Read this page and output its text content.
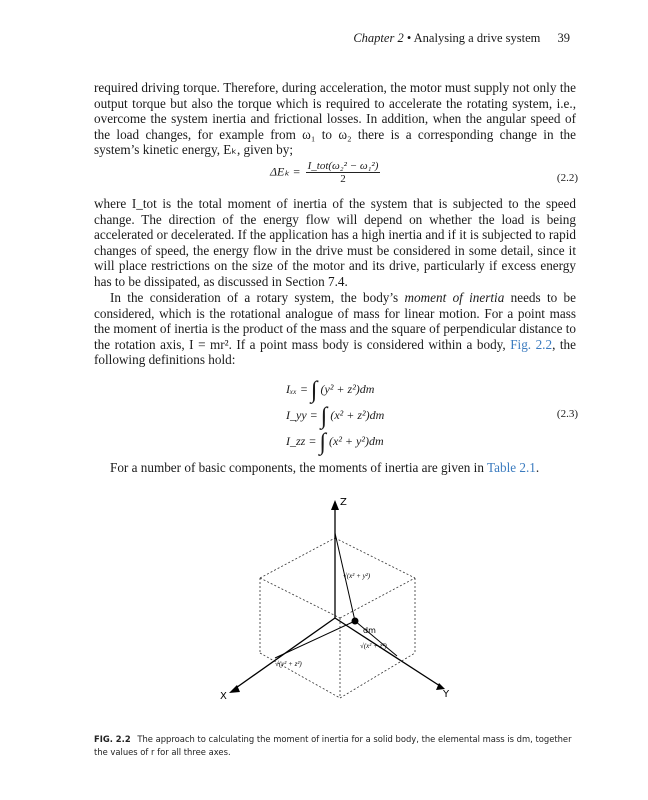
Chapter 2 • Analysing a drive system 39

required driving torque. Therefore, during acceleration, the motor must supply not only the output torque but also the torque which is required to accelerate the rotating system, i.e., overcome the system inertia and frictional losses. In addition, when the angular speed of the load changes, for example from ω₁ to ω₂ there is a corresponding change in the system’s kinetic energy, Eₖ, given by;

$\Delta E_k = \frac{\text{I\_tot(ω₂² − ω₁²)}}{2}$	(2.2)

where I_tot is the total moment of inertia of the system that is subjected to the speed change. The direction of the energy flow will depend on whether the load is being accelerated or decelerated. If the application has a high inertia and if it is subjected to rapid changes of speed, the energy flow in the drive must be considered in some detail, since it will place restrictions on the size of the motor and its drive, particularly if excess energy has to be dissipated, as discussed in Section 7.4.

In the consideration of a rotary system, the body’s moment of inertia needs to be considered, which is the rotational analogue of mass for linear motion. For a point mass the moment of inertia is the product of the mass and the square of perpendicular distance to the rotation axis, I = mr². If a point mass body is considered within a body, Fig. 2.2, the following definitions hold:

Iₓₓ = ∫ (y² + z²)dm
I_yy = ∫ (x² + z²)dm
I_zz = ∫ (x² + y²)dm
(2.3)

For a number of basic components, the moments of inertia are given in Table 2.1.

Z
X	Y
dm
√(x² + y²)
√(x² + z²)
√(y² + z²)
FIG. 2.2 The approach to calculating the moment of inertia for a solid body, the elemental mass is dm, together the values of r for all three axes.
